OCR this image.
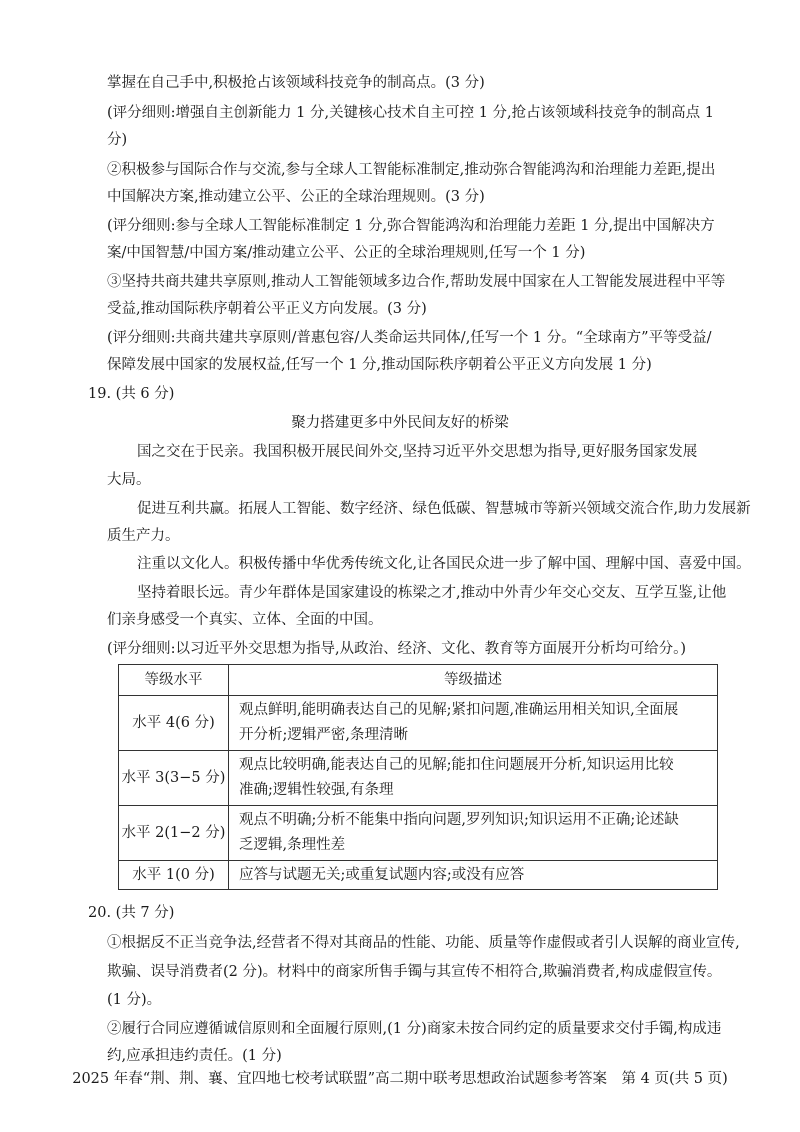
掌握在自己手中,积极抢占该领域科技竞争的制高点。(3 分)
(评分细则:增强自主创新能力 1 分,关键核心技术自主可控 1 分,抢占该领域科技竞争的制高点 1
分)
②积极参与国际合作与交流,参与全球人工智能标准制定,推动弥合智能鸿沟和治理能力差距,提出
中国解决方案,推动建立公平、公正的全球治理规则。(3 分)
(评分细则:参与全球人工智能标准制定 1 分,弥合智能鸿沟和治理能力差距 1 分,提出中国解决方
案/中国智慧/中国方案/推动建立公平、公正的全球治理规则,任写一个 1 分)
③坚持共商共建共享原则,推动人工智能领域多边合作,帮助发展中国家在人工智能发展进程中平等
受益,推动国际秩序朝着公平正义方向发展。(3 分)
(评分细则:共商共建共享原则/普惠包容/人类命运共同体/,任写一个 1 分。“全球南方”平等受益/
保障发展中国家的发展权益,任写一个 1 分,推动国际秩序朝着公平正义方向发展 1 分)
19. (共 6 分)
聚力搭建更多中外民间友好的桥梁
国之交在于民亲。我国积极开展民间外交,坚持习近平外交思想为指导,更好服务国家发展
大局。
促进互利共赢。拓展人工智能、数字经济、绿色低碳、智慧城市等新兴领域交流合作,助力发展新
质生产力。
注重以文化人。积极传播中华优秀传统文化,让各国民众进一步了解中国、理解中国、喜爱中国。
坚持着眼长远。青少年群体是国家建设的栋梁之才,推动中外青少年交心交友、互学互鉴,让他
们亲身感受一个真实、立体、全面的中国。
(评分细则:以习近平外交思想为指导,从政治、经济、文化、教育等方面展开分析均可给分。)
等级水平	等级描述
水平 4(6 分)	观点鲜明,能明确表达自己的见解;紧扣问题,准确运用相关知识,全面展
开分析;逻辑严密,条理清晰

水平 3(3−5 分)	观点比较明确,能表达自己的见解;能扣住问题展开分析,知识运用比较
准确;逻辑性较强,有条理

水平 2(1−2 分)	观点不明确;分析不能集中指向问题,罗列知识;知识运用不正确;论述缺
乏逻辑,条理性差

水平 1(0 分)	应答与试题无关;或重复试题内容;或没有应答
20. (共 7 分)
①根据反不正当竞争法,经营者不得对其商品的性能、功能、质量等作虚假或者引人误解的商业宣传,
欺骗、误导消费者(2 分)。材料中的商家所售手镯与其宣传不相符合,欺骗消费者,构成虚假宣传。
(1 分)。
②履行合同应遵循诚信原则和全面履行原则,(1 分)商家未按合同约定的质量要求交付手镯,构成违
约,应承担违约责任。(1 分)
2025 年春“荆、荆、襄、宜四地七校考试联盟”高二期中联考思想政治试题参考答案　第 4 页(共 5 页)
